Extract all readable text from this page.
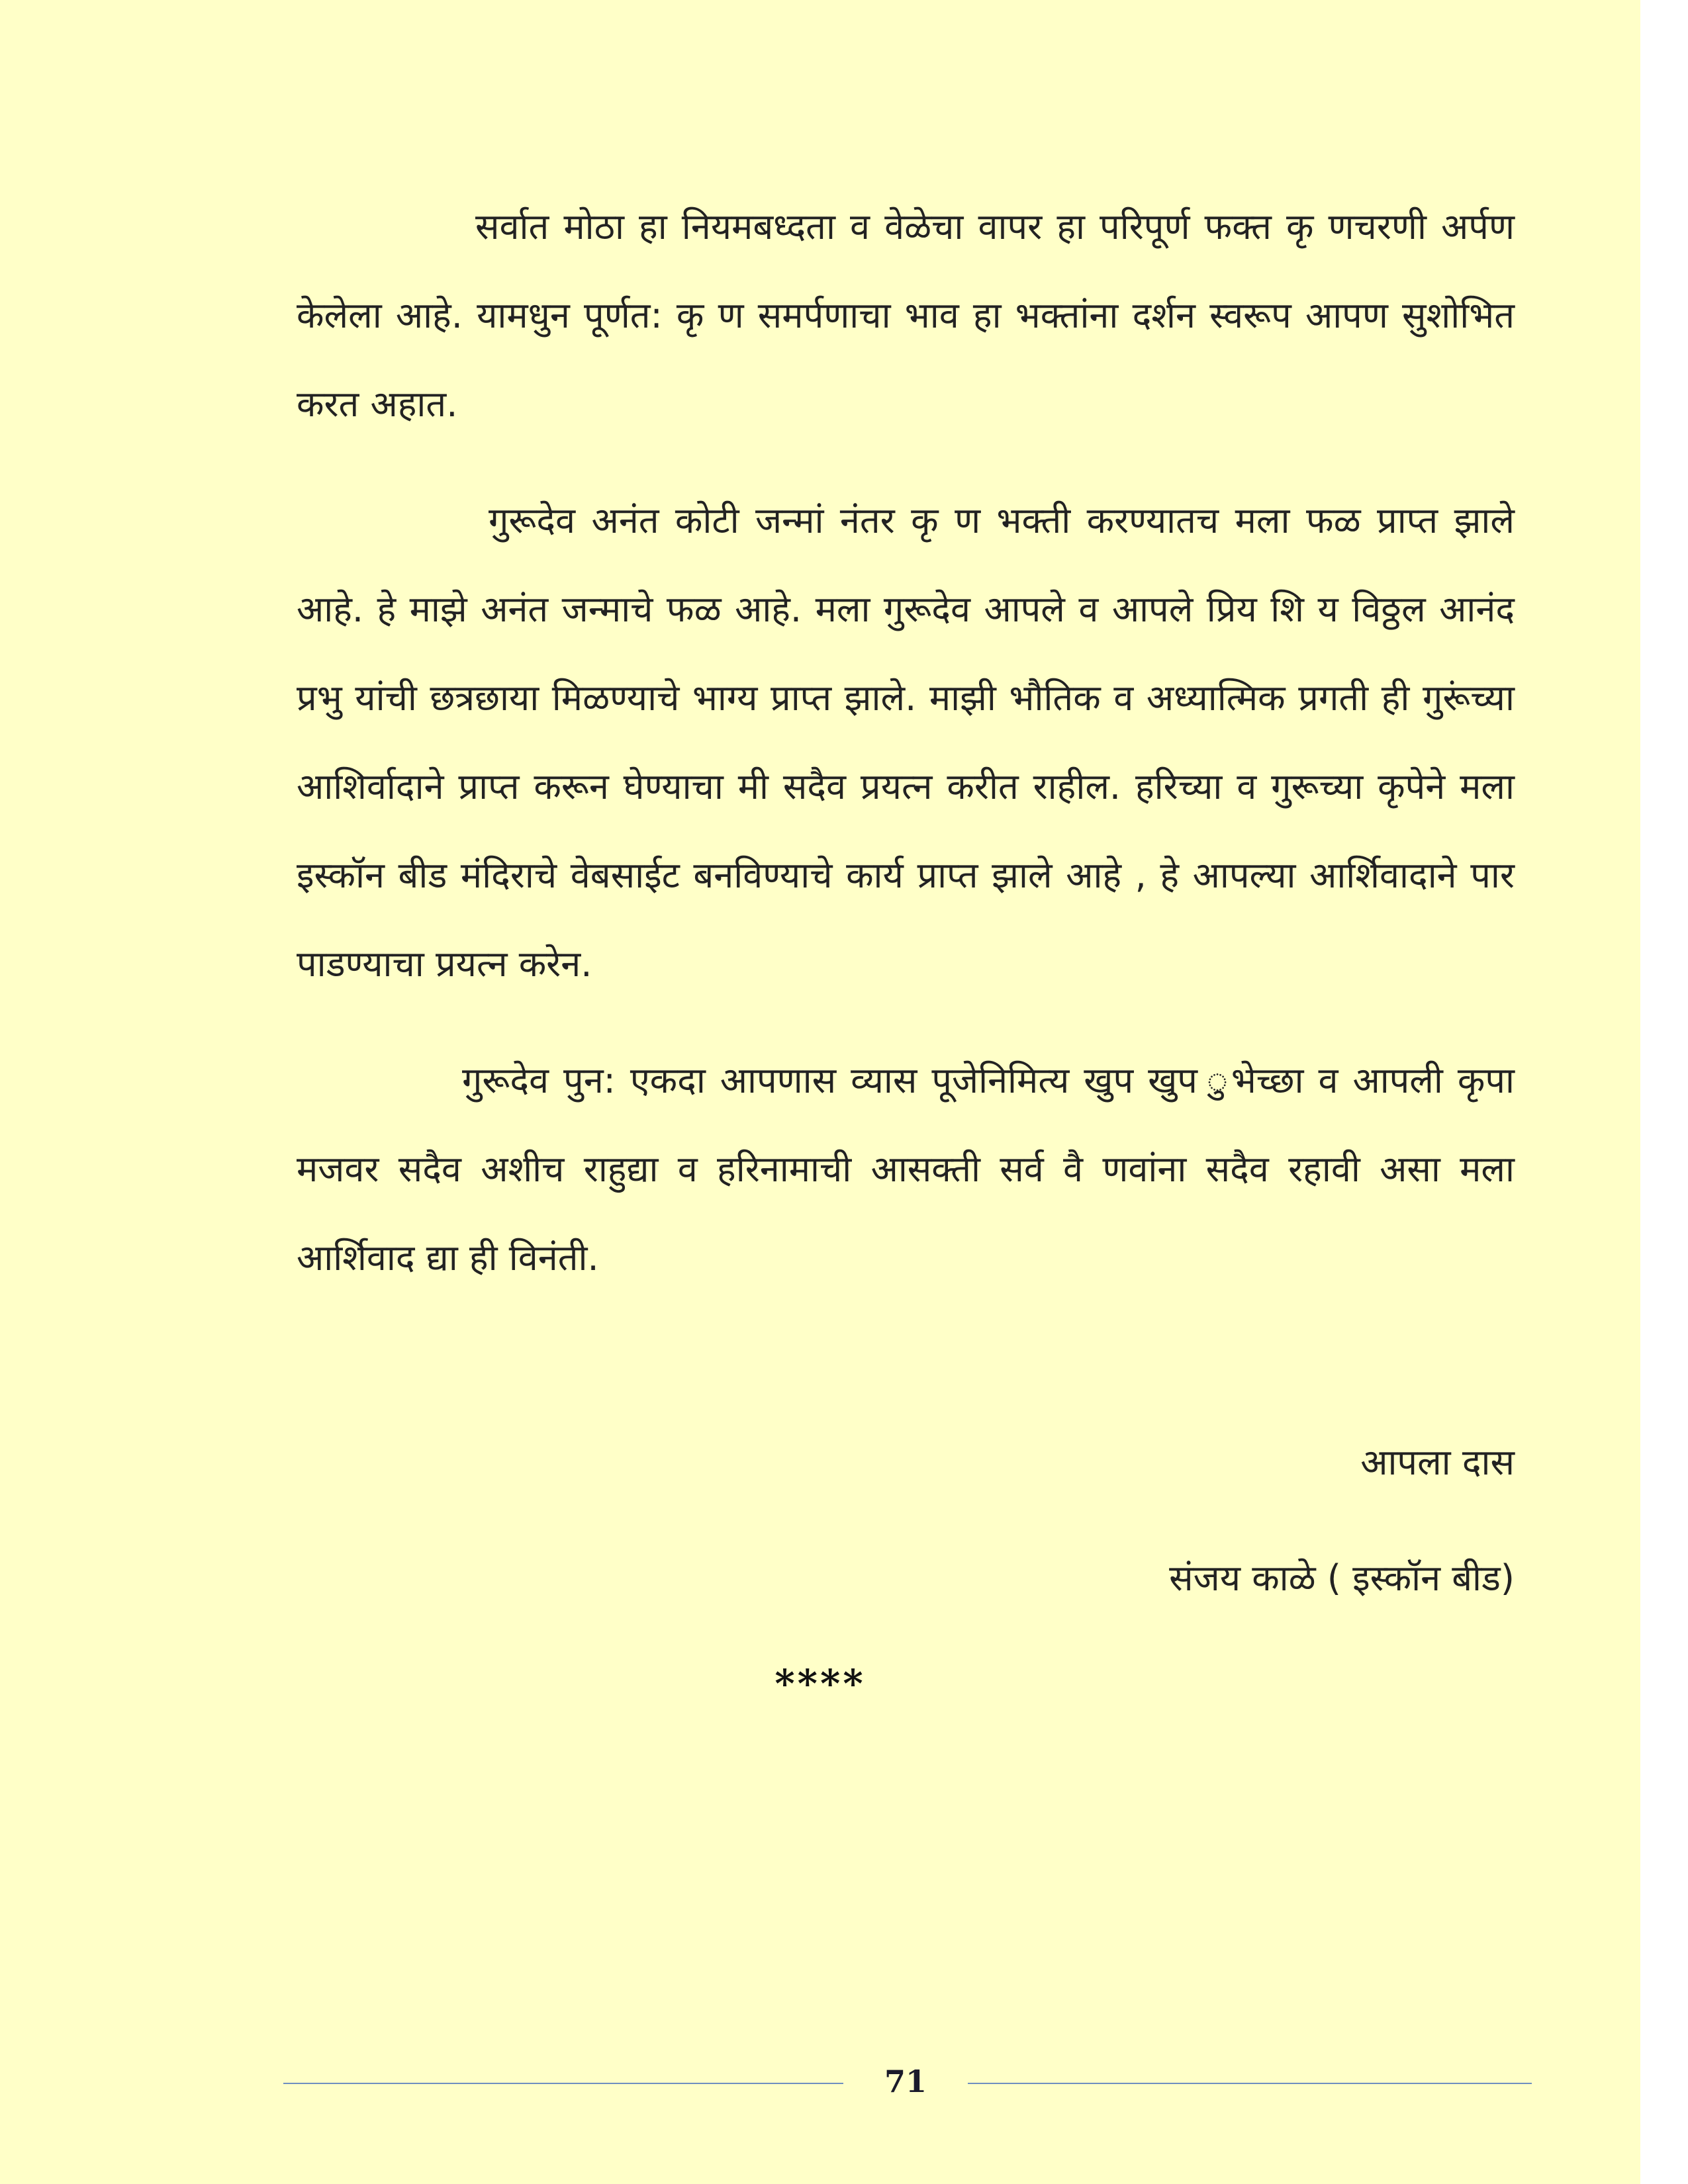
सर्वात मोठा हा नियमबध्दता व वेळेचा वापर हा परिपूर्ण फक्त कृ णचरणी अर्पण केलेला आहे. यामधुन पूर्णत: कृ ण समर्पणाचा भाव हा भक्तांना दर्शन स्वरूप आपण सुशोभित करत अहात.

गुरूदेव अनंत कोटी जन्मां नंतर कृ ण भक्ती करण्यातच मला फळ प्राप्त झाले आहे. हे माझे अनंत जन्माचे फळ आहे. मला गुरूदेव आपले व आपले प्रिय शि य विठ्ठल आनंद प्रभु यांची छत्रछाया मिळण्याचे भाग्य प्राप्त झाले. माझी भौतिक व अध्यात्मिक प्रगती ही गुरूंच्या आशिर्वादाने प्राप्त करून घेण्याचा मी सदैव प्रयत्न करीत राहील. हरिच्या व गुरूच्या कृपेने मला इस्कॉन बीड मंदिराचे वेबसाईट बनविण्याचे कार्य प्राप्त झाले आहे , हे आपल्या आर्शिवादाने पार पाडण्याचा प्रयत्न करेन.

गुरूदेव पुन: एकदा आपणास व्यास पूजेनिमित्य खुप खुप ुभेच्छा व आपली कृपा मजवर सदैव अशीच राहुद्या व हरिनामाची आसक्ती सर्व वै णवांना सदैव रहावी असा मला आर्शिवाद द्या ही विनंती.

आपला दास
संजय काळे ( इस्कॉन बीड)
****
71
